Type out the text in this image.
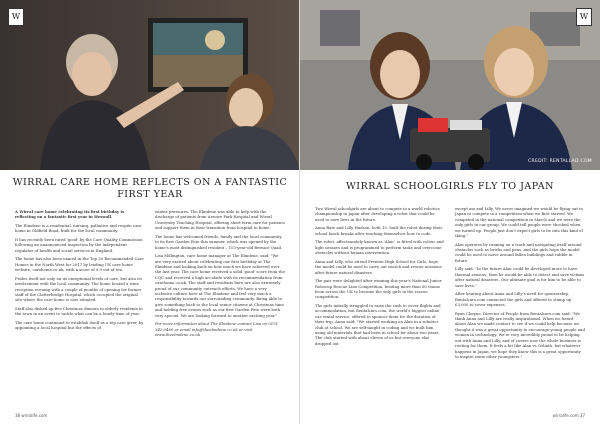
W
WIRRAL CARE HOME REFLECTS ON A FANTASTIC FIRST YEAR

A Wirral care home celebrating its first birthday is reflecting on a fantastic first year in Heswall.

The Elmdene is a residential, nursing, palliative and respite care home in Oldfield Road, built for the local community.

It has recently been rated 'good' by the Care Quality Commission following an unannounced inspection by the independent regulator of health and social services in England.

The home has also been named in the Top 20 Recommended Care Homes in the North West for 2017 by leading UK care home website, carehome.co.uk, with a score of 9.9 out of ten.

Prides itself not only on its exceptional levels of care, but also its involvement with the local community. The home hosted a wine reception evening with a couple of months of opening for former staff of the Clatterbridge Hospital, which occupied the original site where the care home is now situated.

Staff also dished up five Christmas dinners to elderly residents in the town in an event to tackle what can be a lonely time of year.

The care home continued to establish itself as a top care giver, by appointing a local hospital but the effects of

winter pressures. The Elmdene was able to help with the discharge of patients from Arrowe Park Hospital and Wirral University Teaching Hospital, offering short term care for patients and support them in their transition from hospital to home.

The home has welcomed friends, family and the local community to its first Garden Fete this summer, which was opened by the home's most distinguished resident – 103-year-old Bernice Quail.

Lisa Millington, care home manager at The Elmdene, said: "We are very excited about celebrating our first birthday at The Elmdene and looking back on how much we have achieved over the last year. The care home received a solid 'good' score from the CQC and received a high accolade with its recommendation from carehome.co.uk. The staff and residents here are also extremely proud of our community outreach efforts. We have a very inclusive culture here at The Elmdene and feel very much a responsibility towards our surrounding community. Being able to give something back to the local senior citizens at Christmas time and holding free events such as our first Garden Fete were both very special. We are looking forward to another exciting year."

For more information about The Elmdene contact Lisa on 0151 342 0460 or email info@theelmdene.co.uk or visit www.theelmdene.co.uk

38 wirralife.com
W
CREDIT: RENTALLAD.COM
WIRRAL SCHOOLGIRLS FLY TO JAPAN

Two Wirral schoolgirls are about to compete in a world robotics championship in Japan after developing a robot that could be used to save lives in the future.

Anna Bate and Lilly Hudson, both 15, built the robot during their school lunch breaks after teaching themselves how to code.

The robot, affectionately known as 'Alan', is fitted with colour and light sensors and is programmed to perform tasks and overcome obstacles without human intervention.

Anna and Lilly, who attend Prenton High School for Girls, hope the model could be used to carry out search and rescue missions after future natural disasters.

The pair were delighted after winning this year's National Junior Robocup Rescue Line Competition, beating more than 60 teams from across the UK to become the only girls in the rescue competition.

The girls initially struggled to raise the cash to cover flights and accommodation, but Rentalcars.com, the world's biggest online car rental service, offered to sponsor them for the duration of their trip. Anna said: "We started working on Alan in a robotics club at school. We are self-taught in coding and we built him using old materials that had been in school for about two years. The club started with about eleven of us but everyone else dropped out

except me and Lilly. We never imagined we would be flying out to Japan to compete in a competition when we first started. We competed in the national competition in March and we were the only girls in our group. We could tell people were shocked when we turned up. People just don't expect girls to be into this kind of thing."

Alan operates by running on a track and navigating itself around obstacles such as bricks and pens, and the girls hope the model could be used to move around fallen buildings and rubble in future.

Lilly said: "In the future Alan could be developed more to have thermal sensors, then he would be able to detect and save victims after natural disasters. Our ultimate goal is for him to be able to save lives."

After hearing about Anna and Lilly's need for sponsorship, Rentalcars.com contacted the girls and offered to stump up £3,000 to cover expenses.

Ryan Cheyne, Director of People from Rentalcars.com said: "We think Anna and Lilly are really inspirational. When we heard about Alan we made contact to see if we could help because we thought it was a great opportunity to encourage young people and women in technology. We're very incredibly proud to be helping out with Anna and Lilly, and of course now the whole business is rooting for them. It feels a bit like Alan vs Goliath, but whatever happens in Japan, we hope they know this is a great opportunity to inspire some other youngsters."

wirralife.com 37
